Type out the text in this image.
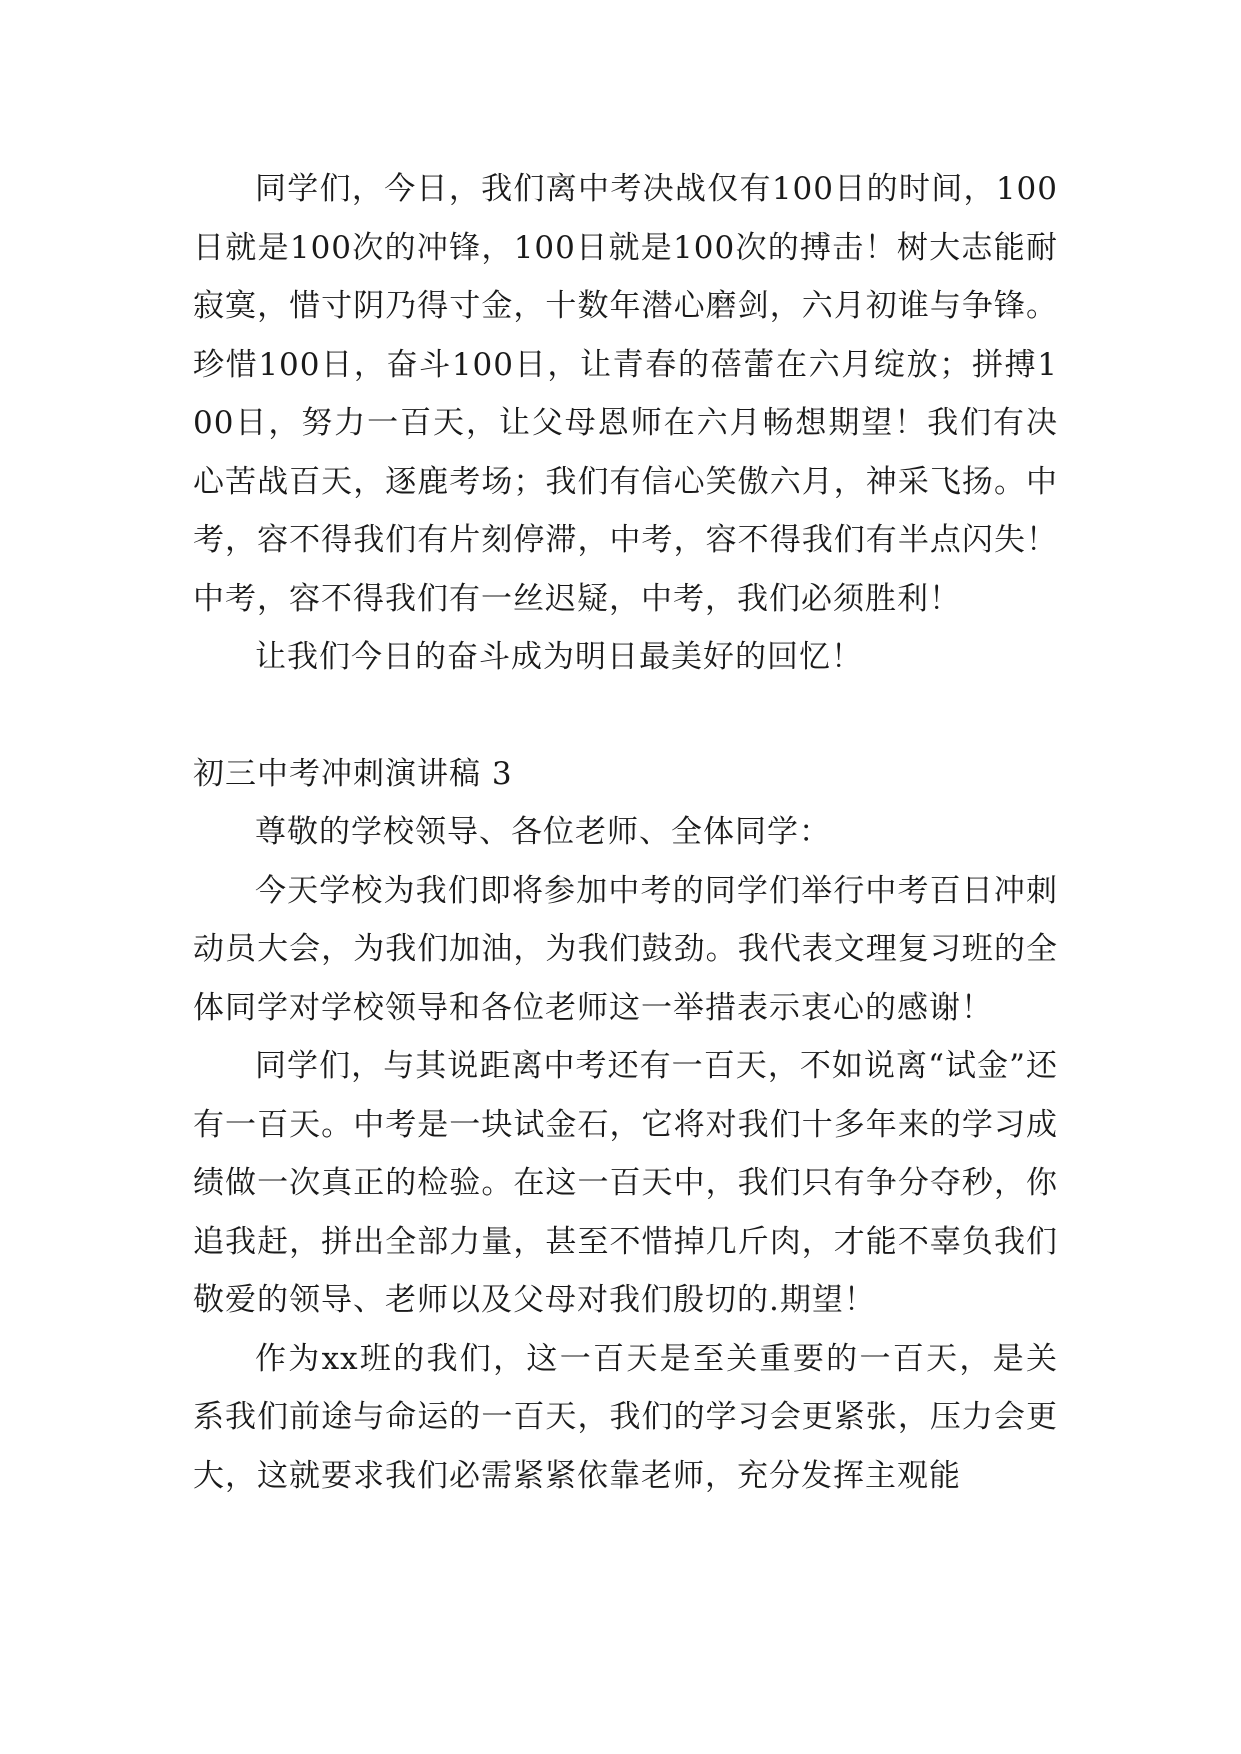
同学们，今日，我们离中考决战仅有100日的时间，100日就是100次的冲锋，100日就是100次的搏击！树大志能耐寂寞，惜寸阴乃得寸金，十数年潜心磨剑，六月初谁与争锋。珍惜100日，奋斗100日，让青春的蓓蕾在六月绽放；拼搏100日，努力一百天，让父母恩师在六月畅想期望！我们有决心苦战百天，逐鹿考场；我们有信心笑傲六月，神采飞扬。中考，容不得我们有片刻停滞，中考，容不得我们有半点闪失！中考，容不得我们有一丝迟疑，中考，我们必须胜利！

让我们今日的奋斗成为明日最美好的回忆！

初三中考冲刺演讲稿 3

尊敬的学校领导、各位老师、全体同学：

今天学校为我们即将参加中考的同学们举行中考百日冲刺动员大会，为我们加油，为我们鼓劲。我代表文理复习班的全体同学对学校领导和各位老师这一举措表示衷心的感谢！

同学们，与其说距离中考还有一百天，不如说离“试金”还有一百天。中考是一块试金石，它将对我们十多年来的学习成绩做一次真正的检验。在这一百天中，我们只有争分夺秒，你追我赶，拼出全部力量，甚至不惜掉几斤肉，才能不辜负我们敬爱的领导、老师以及父母对我们殷切的.期望！

作为xx班的我们，这一百天是至关重要的一百天，是关系我们前途与命运的一百天，我们的学习会更紧张，压力会更大，这就要求我们必需紧紧依靠老师，充分发挥主观能
